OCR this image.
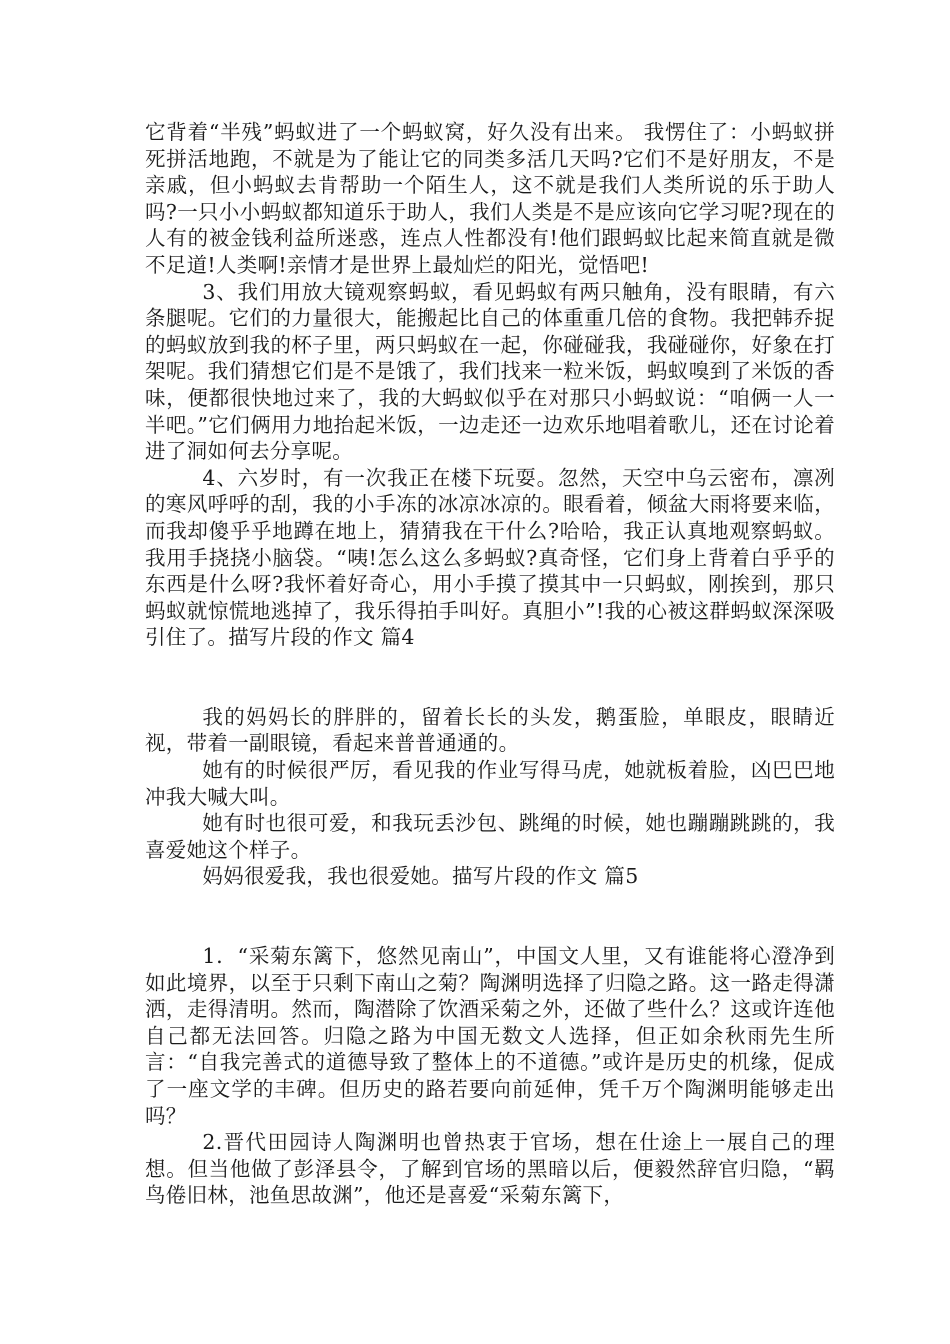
它背着“半残”蚂蚁进了一个蚂蚁窝，好久没有出来。 我愣住了：小蚂蚁拼死拼活地跑，不就是为了能让它的同类多活几天吗?它们不是好朋友，不是亲戚，但小蚂蚁去肯帮助一个陌生人，这不就是我们人类所说的乐于助人吗?一只小小蚂蚁都知道乐于助人，我们人类是不是应该向它学习呢?现在的人有的被金钱利益所迷惑，连点人性都没有!他们跟蚂蚁比起来简直就是微不足道!人类啊!亲情才是世界上最灿烂的阳光，觉悟吧!

3、我们用放大镜观察蚂蚁，看见蚂蚁有两只触角，没有眼睛，有六条腿呢。它们的力量很大，能搬起比自己的体重重几倍的食物。我把韩乔捉的蚂蚁放到我的杯子里，两只蚂蚁在一起，你碰碰我，我碰碰你，好象在打架呢。我们猜想它们是不是饿了，我们找来一粒米饭，蚂蚁嗅到了米饭的香味，便都很快地过来了，我的大蚂蚁似乎在对那只小蚂蚁说：“咱俩一人一半吧。”它们俩用力地抬起米饭，一边走还一边欢乐地唱着歌儿，还在讨论着进了洞如何去分享呢。

4、六岁时，有一次我正在楼下玩耍。忽然，天空中乌云密布，凛冽的寒风呼呼的刮，我的小手冻的冰凉冰凉的。眼看着，倾盆大雨将要来临，而我却傻乎乎地蹲在地上，猜猜我在干什么?哈哈，我正认真地观察蚂蚁。我用手挠挠小脑袋。“咦!怎么这么多蚂蚁?真奇怪，它们身上背着白乎乎的东西是什么呀?我怀着好奇心，用小手摸了摸其中一只蚂蚁，刚挨到，那只蚂蚁就惊慌地逃掉了，我乐得拍手叫好。真胆小”!我的心被这群蚂蚁深深吸引住了。描写片段的作文 篇4

我的妈妈长的胖胖的，留着长长的头发，鹅蛋脸，单眼皮，眼睛近视，带着一副眼镜，看起来普普通通的。

她有的时候很严厉，看见我的作业写得马虎，她就板着脸，凶巴巴地冲我大喊大叫。

她有时也很可爱，和我玩丢沙包、跳绳的时候，她也蹦蹦跳跳的，我喜爱她这个样子。

妈妈很爱我，我也很爱她。描写片段的作文 篇5

1．“采菊东篱下，悠然见南山”，中国文人里，又有谁能将心澄净到如此境界，以至于只剩下南山之菊？陶渊明选择了归隐之路。这一路走得潇洒，走得清明。然而，陶潜除了饮酒采菊之外，还做了些什么？这或许连他自己都无法回答。归隐之路为中国无数文人选择，但正如余秋雨先生所言：“自我完善式的道德导致了整体上的不道德。”或许是历史的机缘，促成了一座文学的丰碑。但历史的路若要向前延伸，凭千万个陶渊明能够走出吗？

2.晋代田园诗人陶渊明也曾热衷于官场，想在仕途上一展自己的理想。但当他做了彭泽县令，了解到官场的黑暗以后，便毅然辞官归隐，“羁鸟倦旧林，池鱼思故渊”，他还是喜爱“采菊东篱下，
